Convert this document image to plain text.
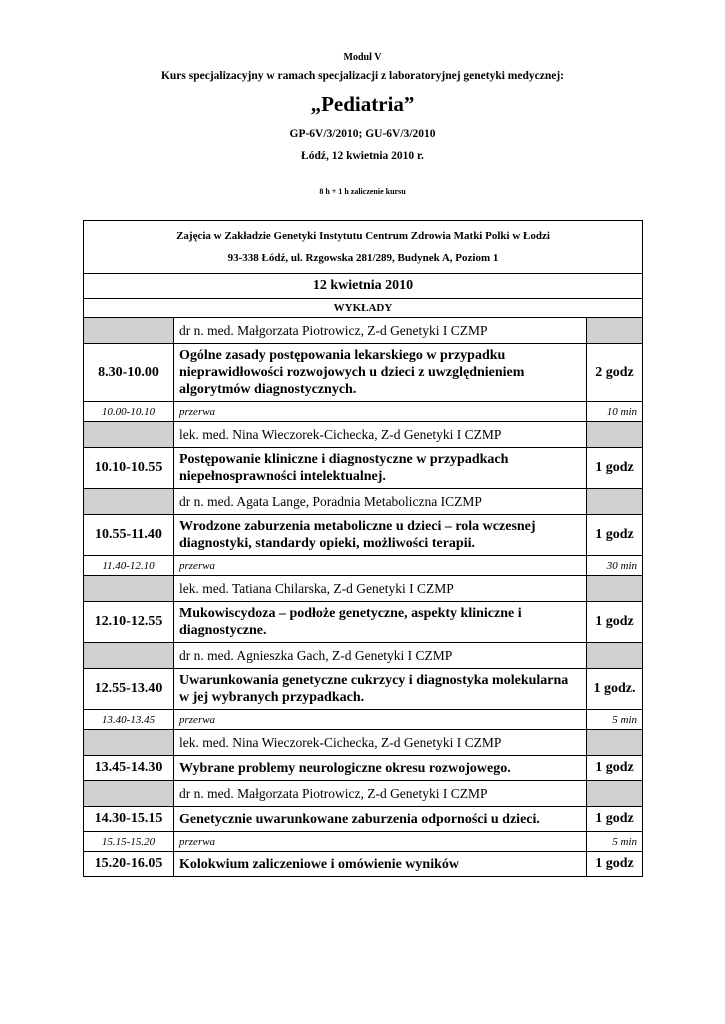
Moduł V
Kurs specjalizacyjny w ramach specjalizacji z laboratoryjnej genetyki medycznej:
„Pediatria”
GP-6V/3/2010; GU-6V/3/2010
Łódź, 12 kwietnia 2010 r.
8 h + 1 h zaliczenie kursu
Zajęcia w Zakładzie Genetyki Instytutu Centrum Zdrowia Matki Polki w Łodzi
93-338 Łódź, ul. Rzgowska 281/289, Budynek A, Poziom 1		

12 kwietnia 2010		
WYKŁADY		
	dr n. med. Małgorzata Piotrowicz, Z-d Genetyki I CZMP	
8.30-10.00	Ogólne zasady postępowania lekarskiego w przypadku nieprawidłowości rozwojowych u dzieci z uwzględnieniem algorytmów diagnostycznych.	2 godz
10.00-10.10	przerwa	10 min
	lek. med. Nina Wieczorek-Cichecka, Z-d Genetyki I CZMP	
10.10-10.55	Postępowanie kliniczne i diagnostyczne w przypadkach niepełnosprawności intelektualnej.	1 godz
	dr n. med. Agata Lange, Poradnia Metaboliczna ICZMP	
10.55-11.40	Wrodzone zaburzenia metaboliczne u dzieci – rola wczesnej diagnostyki, standardy opieki, możliwości terapii.	1 godz
11.40-12.10	przerwa	30 min
	lek. med. Tatiana Chilarska, Z-d Genetyki I CZMP	
12.10-12.55	Mukowiscydoza – podłoże genetyczne, aspekty kliniczne i diagnostyczne.	1 godz
	dr n. med. Agnieszka Gach, Z-d Genetyki I CZMP	
12.55-13.40	Uwarunkowania genetyczne cukrzycy i diagnostyka molekularna w jej wybranych przypadkach.	1 godz.
13.40-13.45	przerwa	5 min
	lek. med. Nina Wieczorek-Cichecka, Z-d Genetyki I CZMP	
13.45-14.30	Wybrane problemy neurologiczne okresu rozwojowego.	1 godz
	dr n. med. Małgorzata Piotrowicz, Z-d Genetyki I CZMP	
14.30-15.15	Genetycznie uwarunkowane zaburzenia odporności u dzieci.	1 godz
15.15-15.20	przerwa	5 min
15.20-16.05	Kolokwium zaliczeniowe i omówienie wyników	1 godz
